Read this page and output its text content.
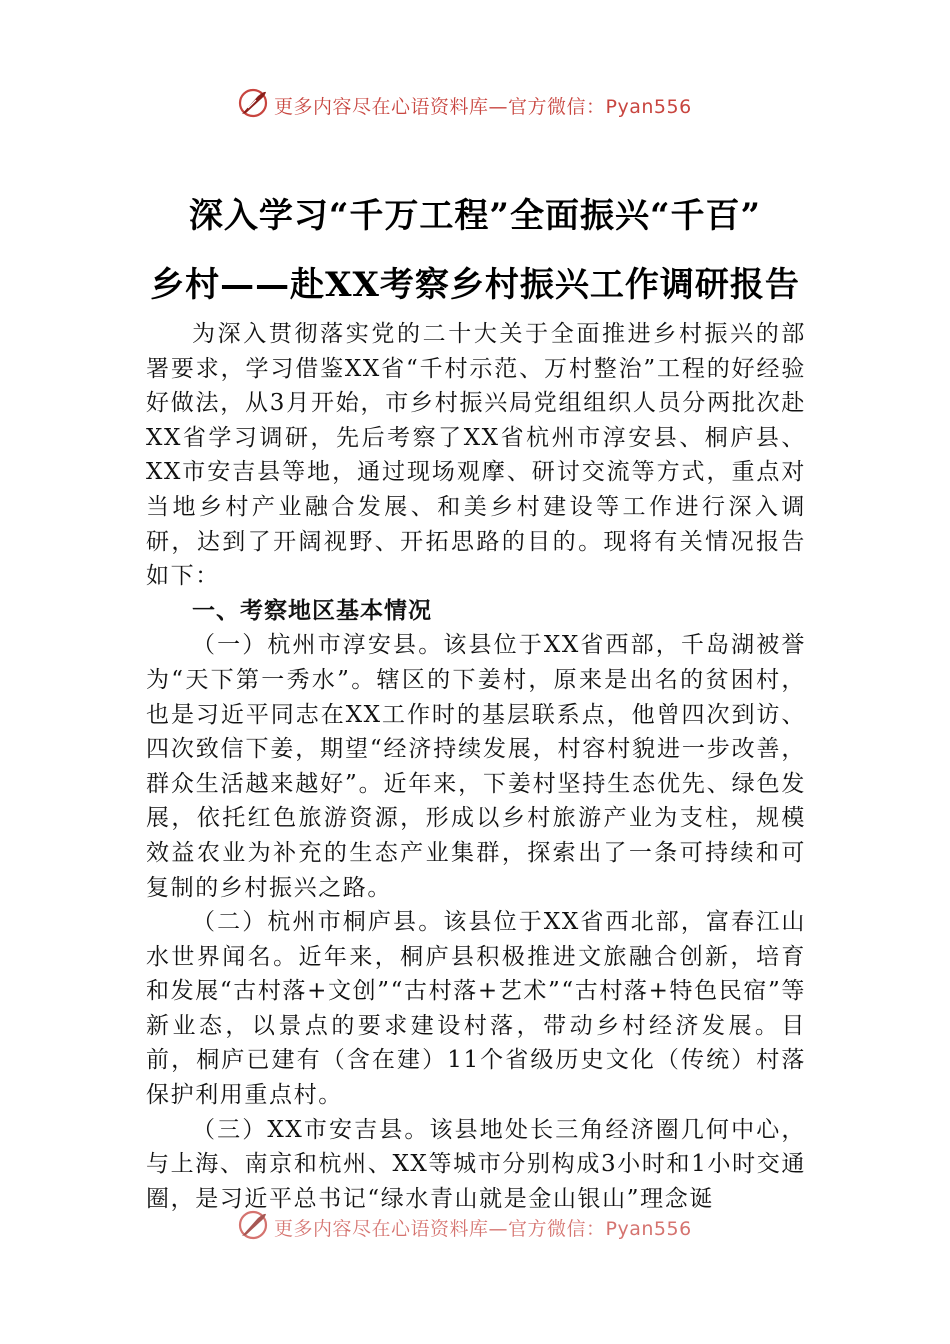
更多内容尽在心语资料库—官方微信：Pyan556
深入学习“千万工程”全面振兴“千百”
乡村——赴XX考察乡村振兴工作调研报告

为深入贯彻落实党的二十大关于全面推进乡村振兴的部署要求，学习借鉴XX省“千村示范、万村整治”工程的好经验好做法，从3月开始，市乡村振兴局党组组织人员分两批次赴XX省学习调研，先后考察了XX省杭州市淳安县、桐庐县、XX市安吉县等地，通过现场观摩、研讨交流等方式，重点对当地乡村产业融合发展、和美乡村建设等工作进行深入调研，达到了开阔视野、开拓思路的目的。现将有关情况报告如下：

一、考察地区基本情况

（一）杭州市淳安县。该县位于XX省西部，千岛湖被誉为“天下第一秀水”。辖区的下姜村，原来是出名的贫困村，也是习近平同志在XX工作时的基层联系点，他曾四次到访、四次致信下姜，期望“经济持续发展，村容村貌进一步改善，群众生活越来越好”。近年来，下姜村坚持生态优先、绿色发展，依托红色旅游资源，形成以乡村旅游产业为支柱，规模效益农业为补充的生态产业集群，探索出了一条可持续和可复制的乡村振兴之路。

（二）杭州市桐庐县。该县位于XX省西北部，富春江山水世界闻名。近年来，桐庐县积极推进文旅融合创新，培育和发展“古村落+文创”“古村落+艺术”“古村落+特色民宿”等新业态，以景点的要求建设村落，带动乡村经济发展。目前，桐庐已建有（含在建）11个省级历史文化（传统）村落保护利用重点村。

（三）XX市安吉县。该县地处长三角经济圈几何中心，与上海、南京和杭州、XX等城市分别构成3小时和1小时交通圈，是习近平总书记“绿水青山就是金山银山”理念诞

更多内容尽在心语资料库—官方微信：Pyan556
